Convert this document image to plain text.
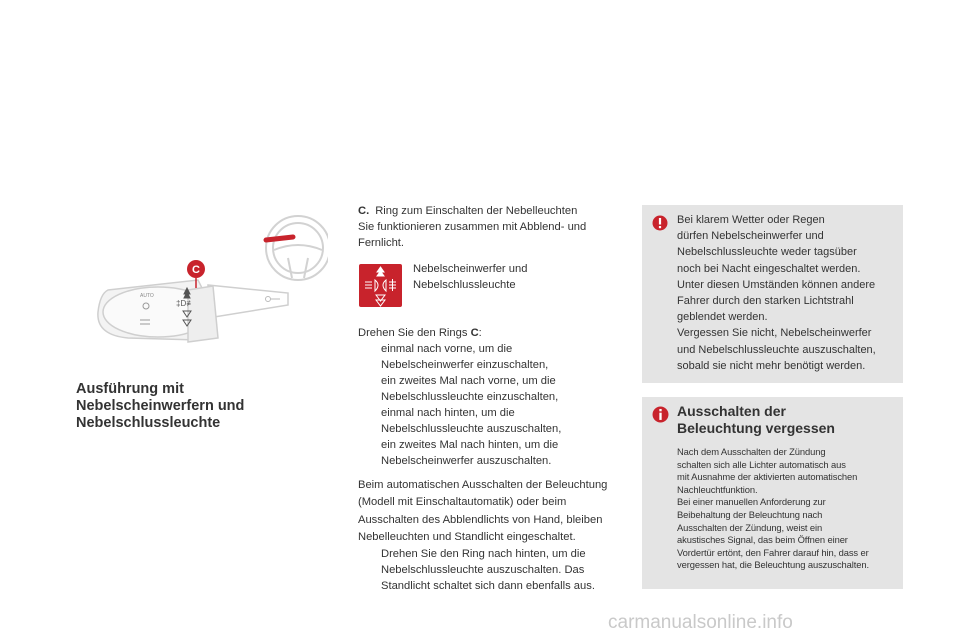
C
‡D≢
AUTO
Ausführung mit
Nebelscheinwerfern und
Nebelschlussleuchte
C. Ring zum Einschalten der Nebelleuchten
Sie funktionieren zusammen mit Abblend- und
Fernlicht.
Nebelscheinwerfer und
Nebelschlussleuchte
Drehen Sie den Rings C:
einmal nach vorne, um die
Nebelscheinwerfer einzuschalten,
ein zweites Mal nach vorne, um die
Nebelschlussleuchte einzuschalten,
einmal nach hinten, um die
Nebelschlussleuchte auszuschalten,
ein zweites Mal nach hinten, um die
Nebelscheinwerfer auszuschalten.
Beim automatischen Ausschalten der Beleuchtung
(Modell mit Einschaltautomatik) oder beim
Ausschalten des Abblendlichts von Hand, bleiben
Nebelleuchten und Standlicht eingeschaltet.
Drehen Sie den Ring nach hinten, um die
Nebelschlussleuchte auszuschalten. Das
Standlicht schaltet sich dann ebenfalls aus.
Bei klarem Wetter oder Regen
dürfen Nebelscheinwerfer und
Nebelschlussleuchte weder tagsüber
noch bei Nacht eingeschaltet werden.
Unter diesen Umständen können andere
Fahrer durch den starken Lichtstrahl
geblendet werden.
Vergessen Sie nicht, Nebelscheinwerfer
und Nebelschlussleuchte auszuschalten,
sobald sie nicht mehr benötigt werden.
Ausschalten der
Beleuchtung vergessen
Nach dem Ausschalten der Zündung
schalten sich alle Lichter automatisch aus
mit Ausnahme der aktivierten automatischen
Nachleuchtfunktion.
Bei einer manuellen Anforderung zur
Beibehaltung der Beleuchtung nach
Ausschalten der Zündung, weist ein
akustisches Signal, das beim Öffnen einer
Vordertür ertönt, den Fahrer darauf hin, dass er
vergessen hat, die Beleuchtung auszuschalten.
carmanualsonline.info
